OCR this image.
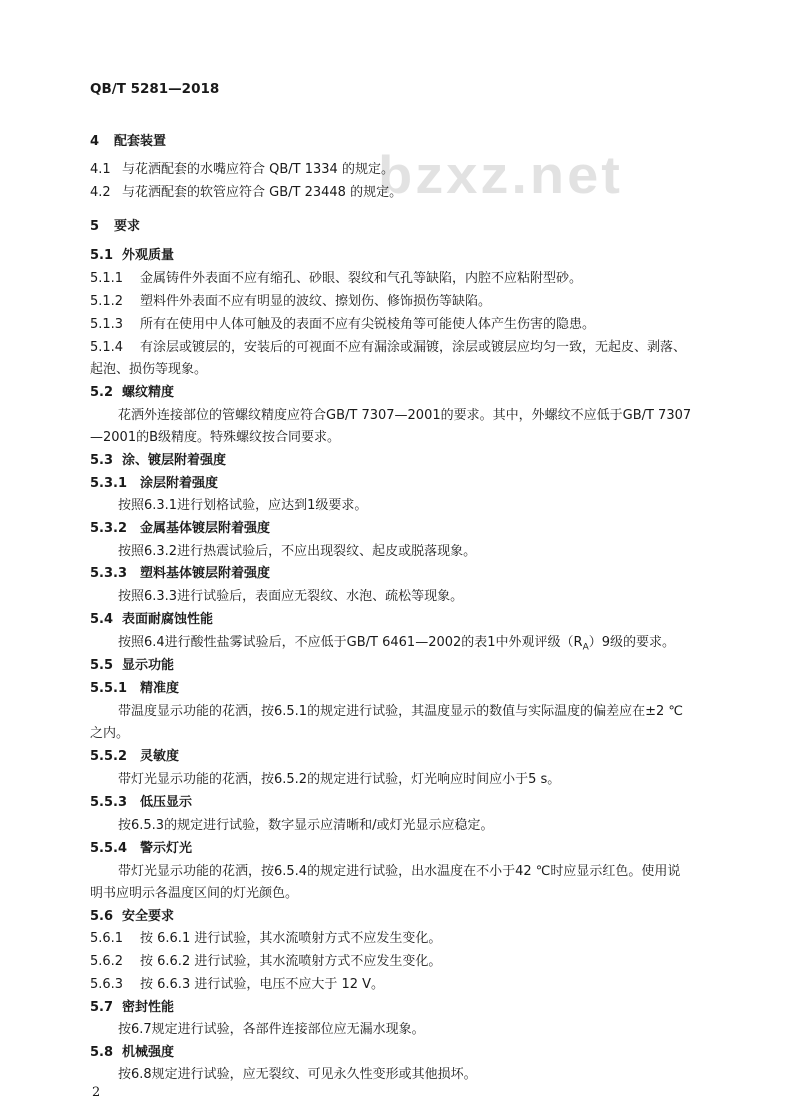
bzxz.net
QB/T 5281—2018
4 配套装置
4.1 与花洒配套的水嘴应符合 QB/T 1334 的规定。
4.2 与花洒配套的软管应符合 GB/T 23448 的规定。
5 要求
5.1 外观质量
5.1.1 金属铸件外表面不应有缩孔、砂眼、裂纹和气孔等缺陷，内腔不应粘附型砂。
5.1.2 塑料件外表面不应有明显的波纹、擦划伤、修饰损伤等缺陷。
5.1.3 所有在使用中人体可触及的表面不应有尖锐棱角等可能使人体产生伤害的隐患。
5.1.4 有涂层或镀层的，安装后的可视面不应有漏涂或漏镀，涂层或镀层应均匀一致，无起皮、剥落、
起泡、损伤等现象。
5.2 螺纹精度
花洒外连接部位的管螺纹精度应符合GB/T 7307—2001的要求。其中，外螺纹不应低于GB/T 7307
—2001的B级精度。特殊螺纹按合同要求。
5.3 涂、镀层附着强度
5.3.1 涂层附着强度
按照6.3.1进行划格试验，应达到1级要求。
5.3.2 金属基体镀层附着强度
按照6.3.2进行热震试验后，不应出现裂纹、起皮或脱落现象。
5.3.3 塑料基体镀层附着强度
按照6.3.3进行试验后，表面应无裂纹、水泡、疏松等现象。
5.4 表面耐腐蚀性能
按照6.4进行酸性盐雾试验后，不应低于GB/T 6461—2002的表1中外观评级$(R_A)9$级的要求。
5.5 显示功能
5.5.1 精准度
带温度显示功能的花洒，按6.5.1的规定进行试验，其温度显示的数值与实际温度的偏差应在±2 ℃
之内。
5.5.2 灵敏度
带灯光显示功能的花洒，按6.5.2的规定进行试验，灯光响应时间应小于5 s。
5.5.3 低压显示
按6.5.3的规定进行试验，数字显示应清晰和/或灯光显示应稳定。
5.5.4 警示灯光
带灯光显示功能的花洒，按6.5.4的规定进行试验，出水温度在不小于42 ℃时应显示红色。使用说
明书应明示各温度区间的灯光颜色。
5.6 安全要求
5.6.1 按 6.6.1 进行试验，其水流喷射方式不应发生变化。
5.6.2 按 6.6.2 进行试验，其水流喷射方式不应发生变化。
5.6.3 按 6.6.3 进行试验，电压不应大于 12 V。
5.7 密封性能
按6.7规定进行试验，各部件连接部位应无漏水现象。
5.8 机械强度
按6.8规定进行试验，应无裂纹、可见永久性变形或其他损坏。
2
